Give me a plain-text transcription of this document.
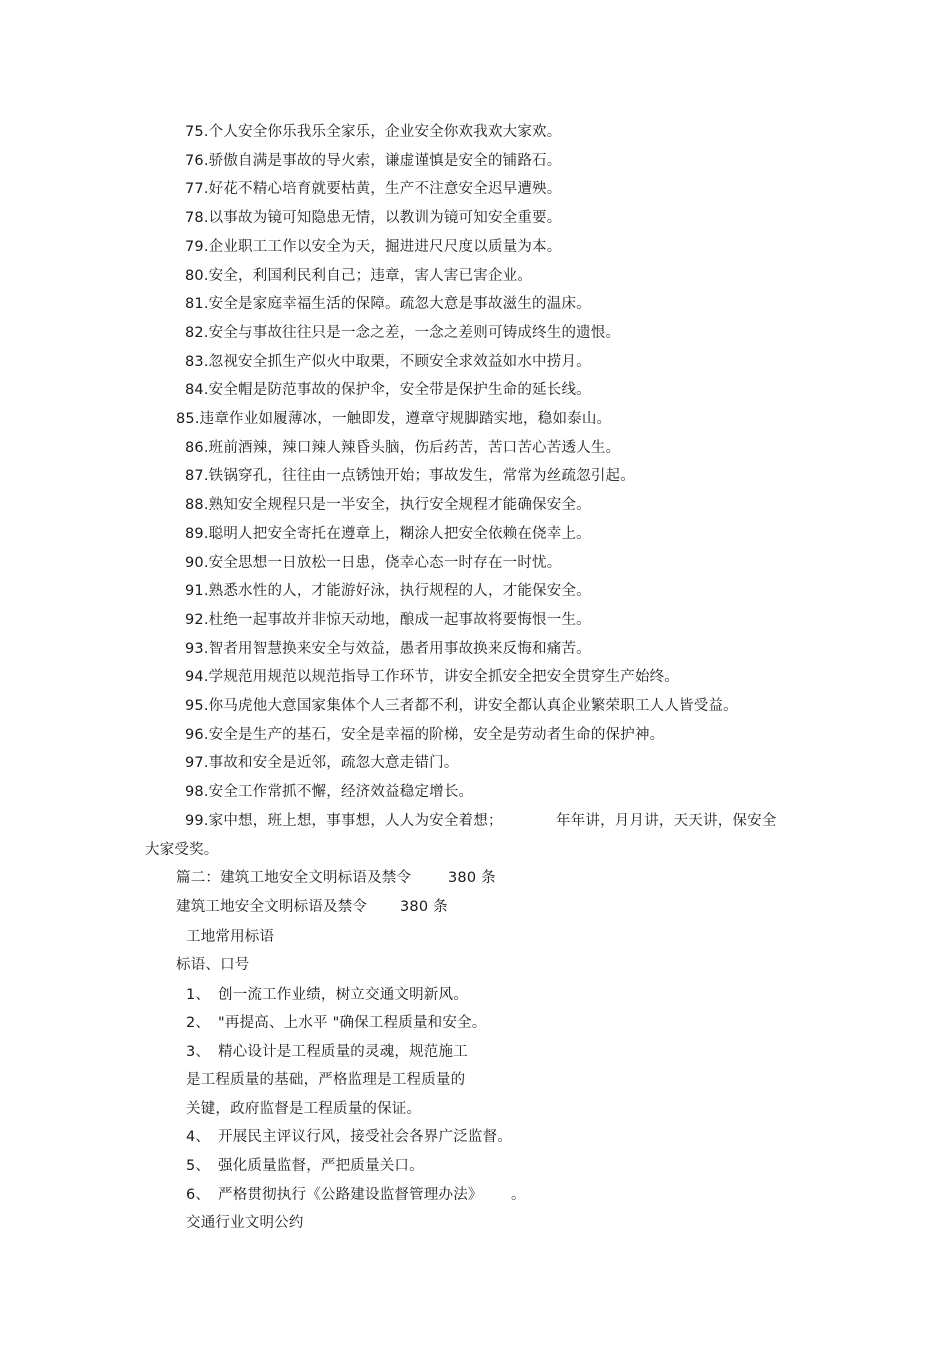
75.个人安全你乐我乐全家乐，企业安全你欢我欢大家欢。
76.骄傲自满是事故的导火索，谦虚谨慎是安全的铺路石。
77.好花不精心培育就要枯黄，生产不注意安全迟早遭殃。
78.以事故为镜可知隐患无情，以教训为镜可知安全重要。
79.企业职工工作以安全为天，掘进进尺尺度以质量为本。
80.安全，利国利民利自己；违章，害人害已害企业。
81.安全是家庭幸福生活的保障。疏忽大意是事故滋生的温床。
82.安全与事故往往只是一念之差，一念之差则可铸成终生的遗恨。
83.忽视安全抓生产似火中取栗，不顾安全求效益如水中捞月。
84.安全帽是防范事故的保护伞，安全带是保护生命的延长线。
85.违章作业如履薄冰，一触即发，遵章守规脚踏实地，稳如泰山。
86.班前酒辣，辣口辣人辣昏头脑，伤后药苦，苦口苦心苦透人生。
87.铁锅穿孔，往往由一点锈蚀开始；事故发生，常常为丝疏忽引起。
88.熟知安全规程只是一半安全，执行安全规程才能确保安全。
89.聪明人把安全寄托在遵章上，糊涂人把安全依赖在侥幸上。
90.安全思想一日放松一日患，侥幸心态一时存在一时忧。
91.熟悉水性的人，才能游好泳，执行规程的人，才能保安全。
92.杜绝一起事故并非惊天动地，酿成一起事故将要悔恨一生。
93.智者用智慧换来安全与效益，愚者用事故换来反悔和痛苦。
94.学规范用规范以规范指导工作环节，讲安全抓安全把安全贯穿生产始终。
95.你马虎他大意国家集体个人三者都不利，讲安全都认真企业繁荣职工人人皆受益。
96.安全是生产的基石，安全是幸福的阶梯，安全是劳动者生命的保护神。
97.事故和安全是近邻，疏忽大意走错门。
98.安全工作常抓不懈，经济效益稳定增长。
99.家中想，班上想，事事想，人人为安全着想；	年年讲，月月讲，天天讲，保安全
大家受奖。
篇二：建筑工地安全文明标语及禁令	380 条
建筑工地安全文明标语及禁令 380 条
工地常用标语
标语、口号
1、 创一流工作业绩，树立交通文明新风。
2、 "再提高、上水平 "确保工程质量和安全。
3、 精心设计是工程质量的灵魂，规范施工
是工程质量的基础，严格监理是工程质量的
关键，政府监督是工程质量的保证。
4、 开展民主评议行风，接受社会各界广泛监督。
5、 强化质量监督，严把质量关口。
6、 严格贯彻执行《公路建设监督管理办法》 。
交通行业文明公约
